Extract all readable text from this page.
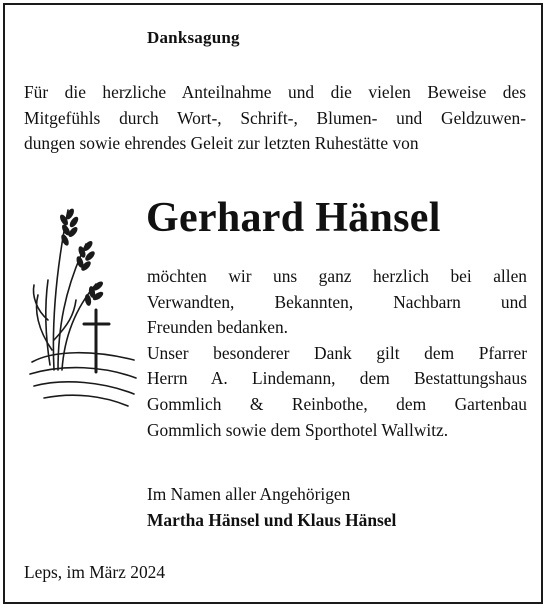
Danksagung
Für die herzliche Anteilnahme und die vielen Beweise des
Mitgefühls durch Wort-, Schrift-, Blumen- und Geldzuwen-
dungen sowie ehrendes Geleit zur letzten Ruhestätte von
Gerhard Hänsel
möchten wir uns ganz herzlich bei allen
Verwandten, Bekannten, Nachbarn und
Freunden bedanken.
Unser besonderer Dank gilt dem Pfarrer
Herrn A. Lindemann, dem Bestattungshaus
Gommlich & Reinbothe, dem Gartenbau
Gommlich sowie dem Sporthotel Wallwitz.
Im Namen aller Angehörigen
Martha Hänsel und Klaus Hänsel
Leps, im März 2024
